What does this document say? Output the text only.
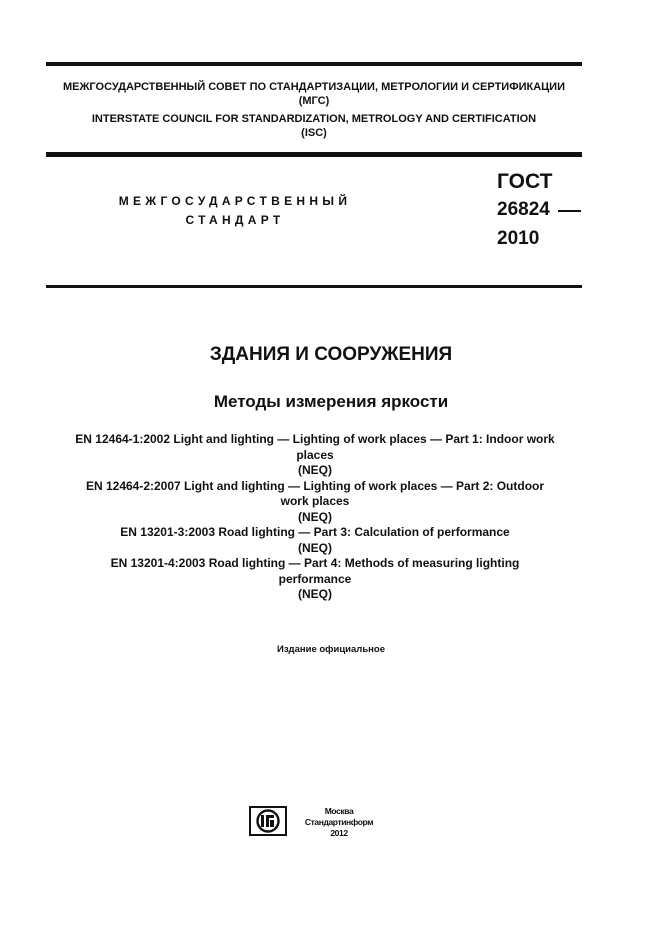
МЕЖГОСУДАРСТВЕННЫЙ СОВЕТ ПО СТАНДАРТИЗАЦИИ, МЕТРОЛОГИИ И СЕРТИФИКАЦИИ
(МГС)
INTERSTATE COUNCIL FOR STANDARDIZATION, METROLOGY AND CERTIFICATION
(ISC)
МЕЖГОСУДАРСТВЕННЫЙ
СТАНДАРТ
ГОСТ
26824
2010
ЗДАНИЯ И СООРУЖЕНИЯ
Методы измерения яркости
EN 12464-1:2002 Light and lighting — Lighting of work places — Part 1: Indoor work
places
(NEQ)
EN 12464-2:2007 Light and lighting — Lighting of work places — Part 2: Outdoor
work places
(NEQ)
EN 13201-3:2003 Road lighting — Part 3: Calculation of performance
(NEQ)
EN 13201-4:2003 Road lighting — Part 4: Methods of measuring lighting
performance
(NEQ)
Издание официальное
Москва
Стандартинформ
2012
